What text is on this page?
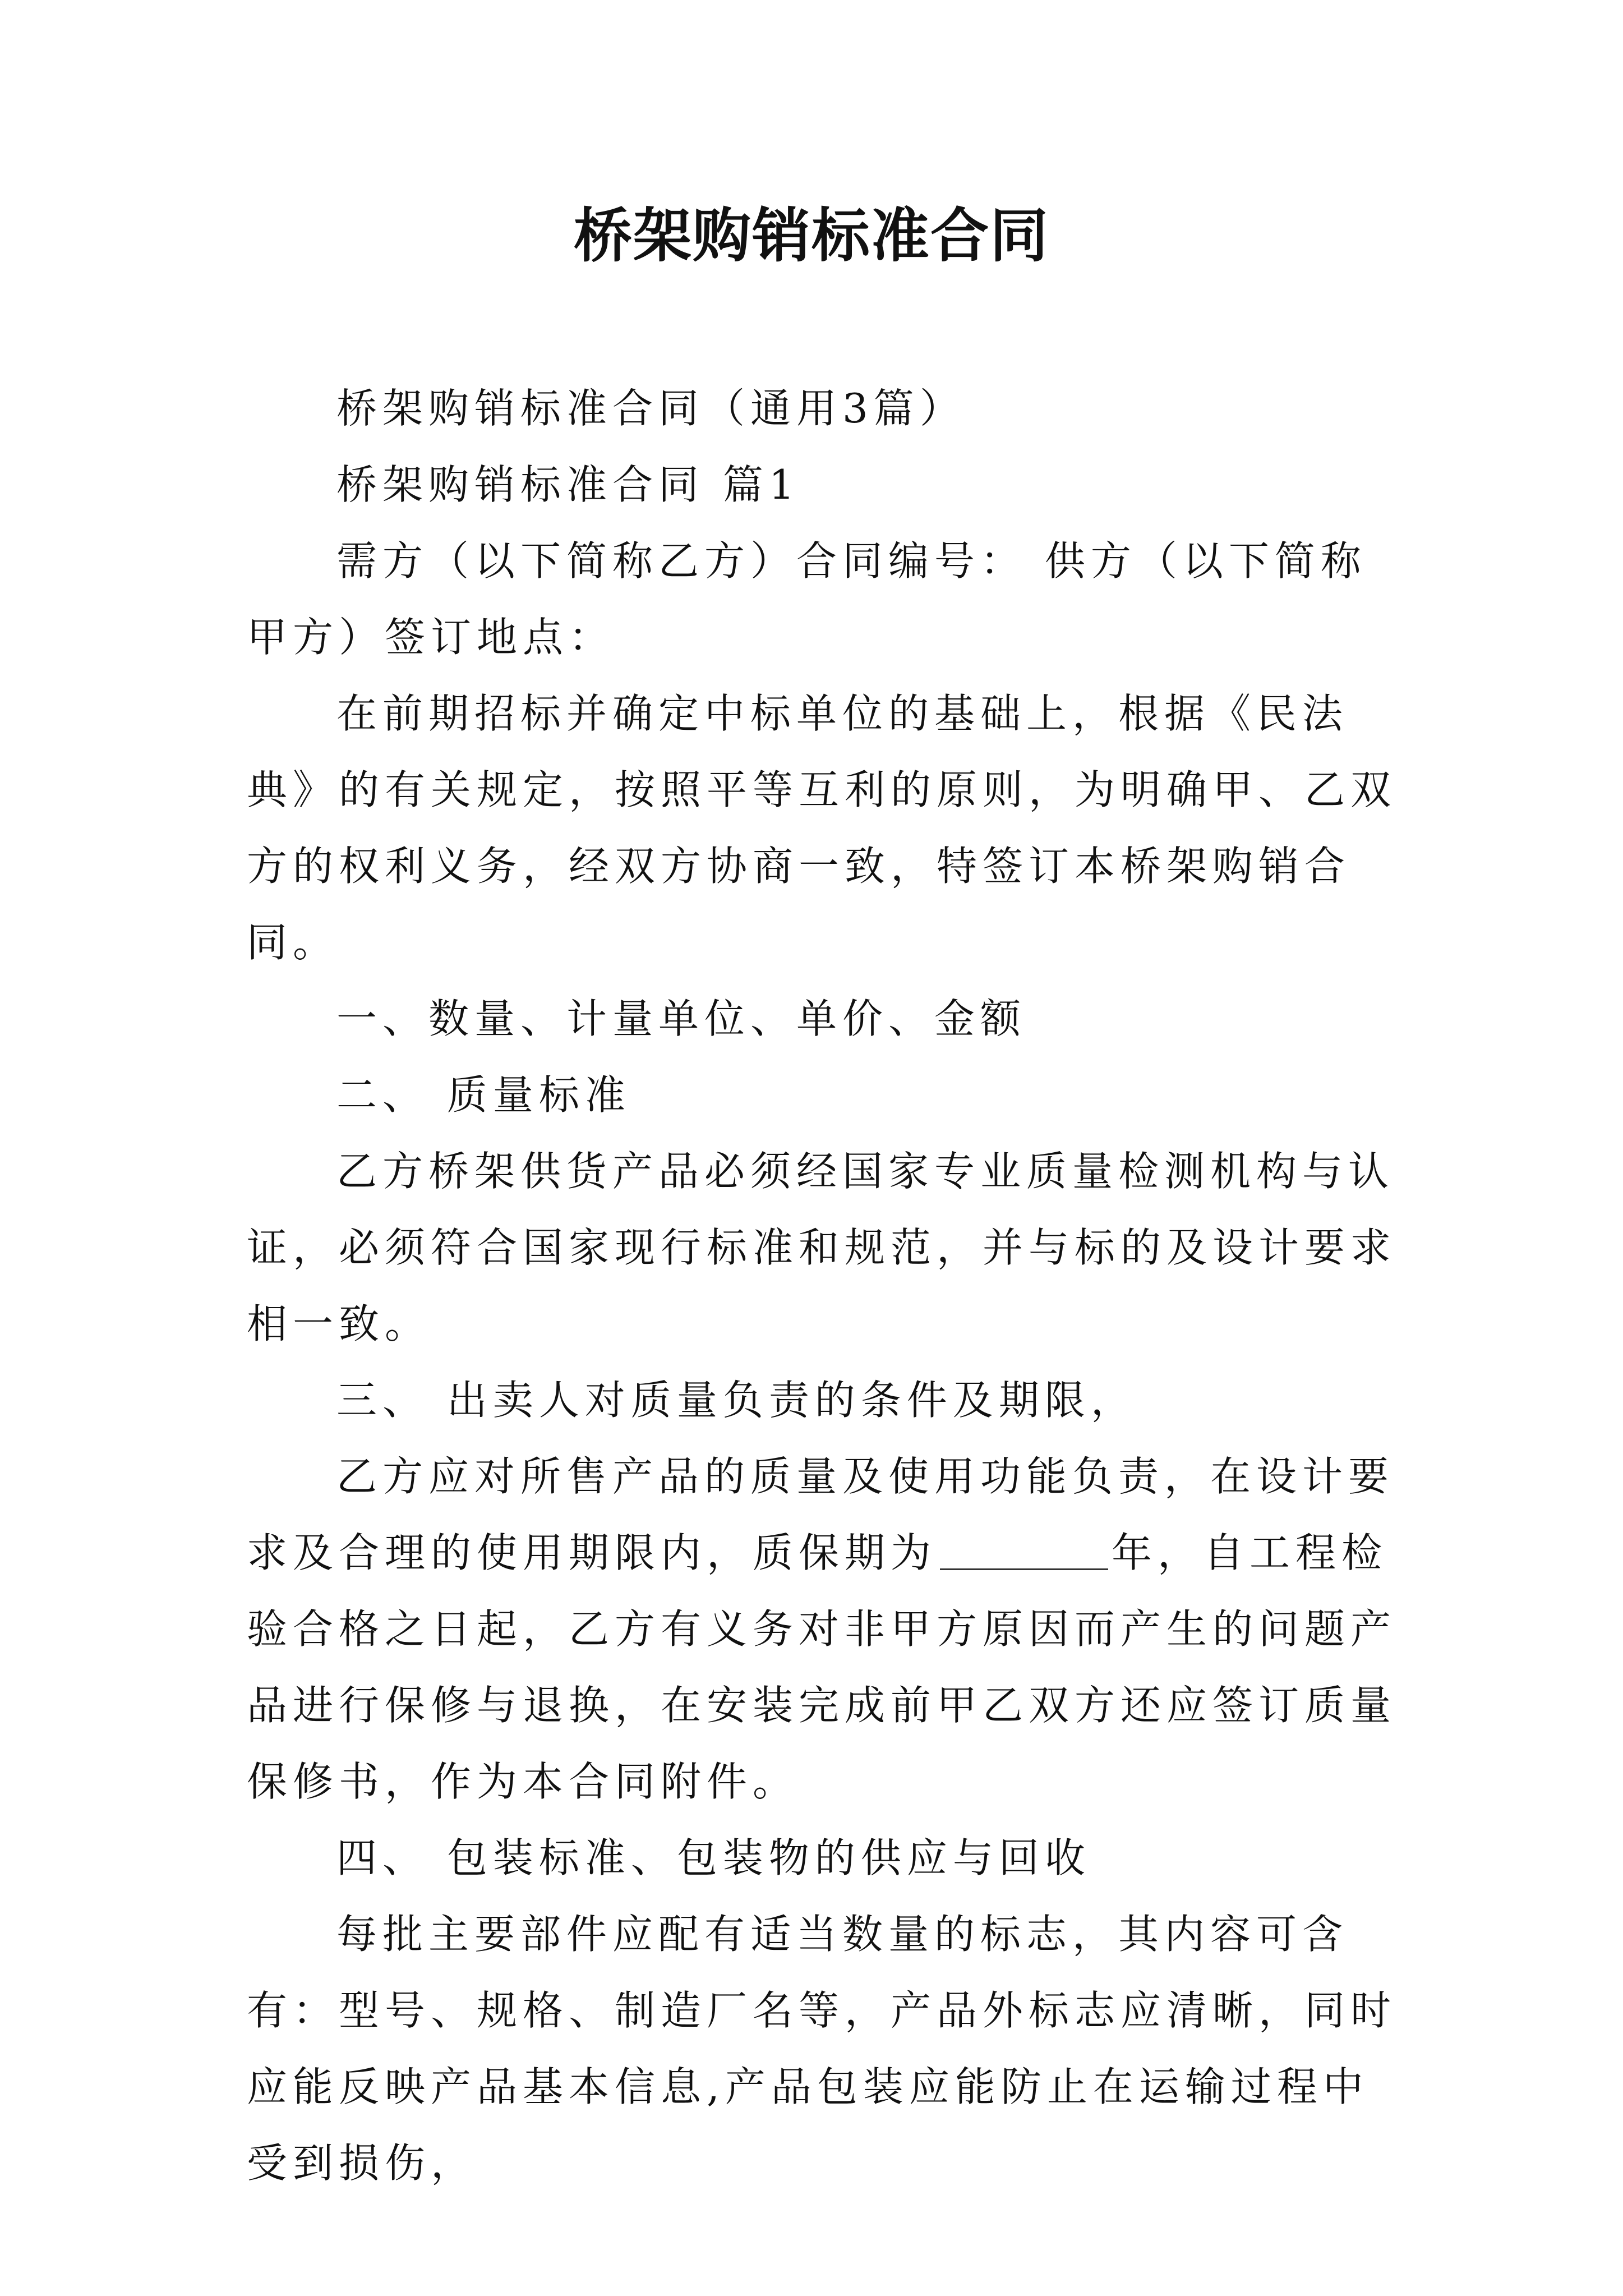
桥架购销标准合同

桥架购销标准合同（通用3篇）

桥架购销标准合同 篇1

需方（以下简称乙方）合同编号： 供方（以下简称甲方）签订地点：

在前期招标并确定中标单位的基础上，根据《民法典》的有关规定，按照平等互利的原则，为明确甲、乙双方的权利义务，经双方协商一致，特签订本桥架购销合同。

一、数量、计量单位、单价、金额

二、 质量标准

乙方桥架供货产品必须经国家专业质量检测机构与认证，必须符合国家现行标准和规范，并与标的及设计要求相一致。

三、 出卖人对质量负责的条件及期限，

乙方应对所售产品的质量及使用功能负责，在设计要求及合理的使用期限内，质保期为	年，自工程检验合格之日起，乙方有义务对非甲方原因而产生的问题产品进行保修与退换，在安装完成前甲乙双方还应签订质量保修书，作为本合同附件。

四、 包装标准、包装物的供应与回收

每批主要部件应配有适当数量的标志，其内容可含有：型号、规格、制造厂名等，产品外标志应清晰，同时应能反映产品基本信息,产品包装应能防止在运输过程中受到损伤，
